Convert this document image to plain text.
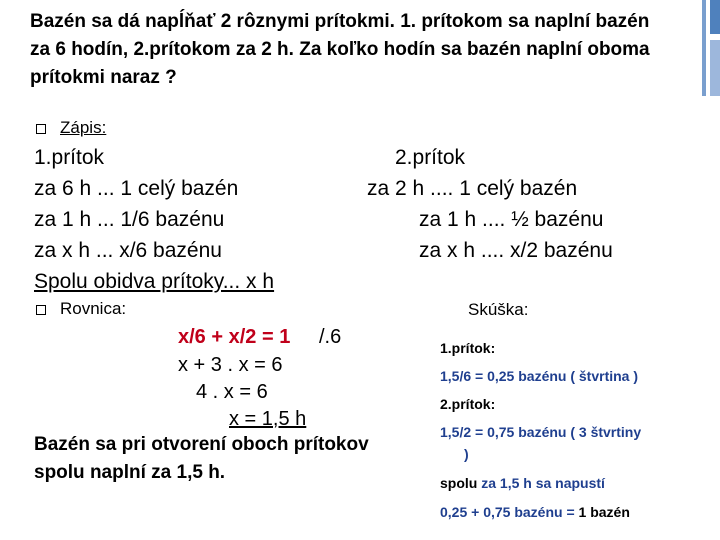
Bazén sa dá napĺňať 2 rôznymi prítokmi. 1. prítokom sa naplní bazén za 6 hodín, 2.prítokom za 2 h. Za koľko hodín sa bazén naplní oboma prítokmi naraz ?
Zápis:
1.prítok
za 6 h ... 1 celý bazén
za 1 h ... 1/6 bazénu
za x h ... x/6 bazénu
Spolu obidva prítoky... x h
2.prítok
za 2 h .... 1 celý bazén
za 1 h .... ½ bazénu
za x h .... x/2 bazénu
Rovnica:
x/6 + x/2 = 1 /.6
x + 3 . x = 6
4 . x = 6
x = 1,5 h
Bazén sa pri otvorení oboch prítokov
spolu naplní za 1,5 h.
Skúška:
1.prítok:
1,5/6 = 0,25 bazénu ( štvrtina )
2.prítok:
1,5/2 = 0,75 bazénu ( 3 štvrtiny
)
spolu za 1,5 h sa napustí
0,25 + 0,75 bazénu = 1 bazén
